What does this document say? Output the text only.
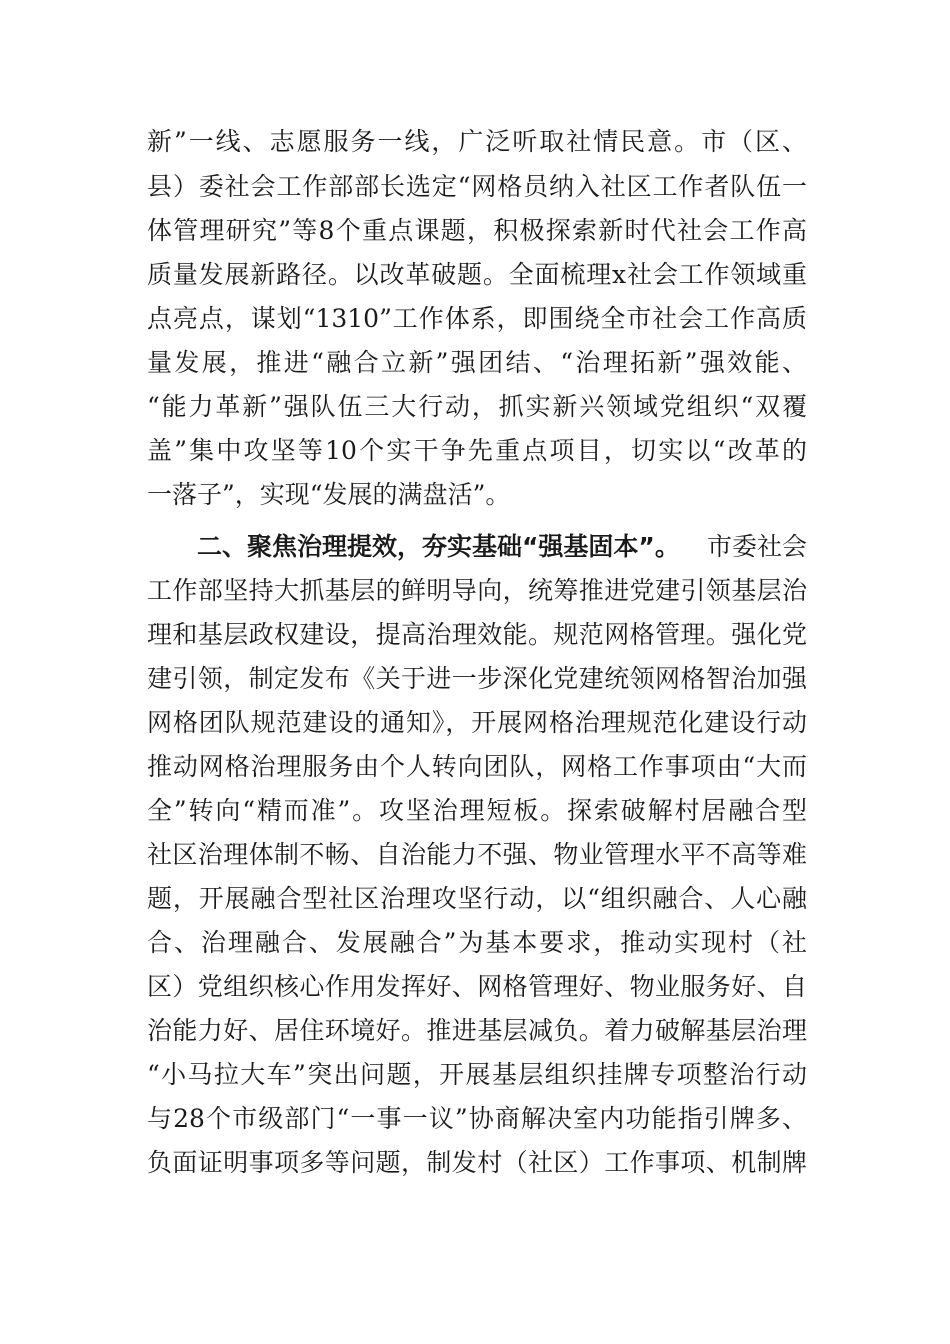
新”一线、志愿服务一线，广泛听取社情民意。市（区、
县）委社会工作部部长选定“网格员纳入社区工作者队伍一
体管理研究”等8个重点课题，积极探索新时代社会工作高
质量发展新路径。以改革破题。全面梳理x社会工作领域重
点亮点，谋划“1310”工作体系，即围绕全市社会工作高质
量发展，推进“融合立新”强团结、“治理拓新”强效能、
“能力革新”强队伍三大行动，抓实新兴领域党组织“双覆
盖”集中攻坚等10个实干争先重点项目，切实以“改革的
一落子”，实现“发展的满盘活”。
二、聚焦治理提效，夯实基础“强基固本”。 市委社会
工作部坚持大抓基层的鲜明导向，统筹推进党建引领基层治
理和基层政权建设，提高治理效能。规范网格管理。强化党
建引领，制定发布《关于进一步深化党建统领网格智治加强
网格团队规范建设的通知》，开展网格治理规范化建设行动
推动网格治理服务由个人转向团队，网格工作事项由“大而
全”转向“精而准”。攻坚治理短板。探索破解村居融合型
社区治理体制不畅、自治能力不强、物业管理水平不高等难
题，开展融合型社区治理攻坚行动，以“组织融合、人心融
合、治理融合、发展融合”为基本要求，推动实现村（社
区）党组织核心作用发挥好、网格管理好、物业服务好、自
治能力好、居住环境好。推进基层减负。着力破解基层治理
“小马拉大车”突出问题，开展基层组织挂牌专项整治行动
与28个市级部门“一事一议”协商解决室内功能指引牌多、
负面证明事项多等问题，制发村（社区）工作事项、机制牌
